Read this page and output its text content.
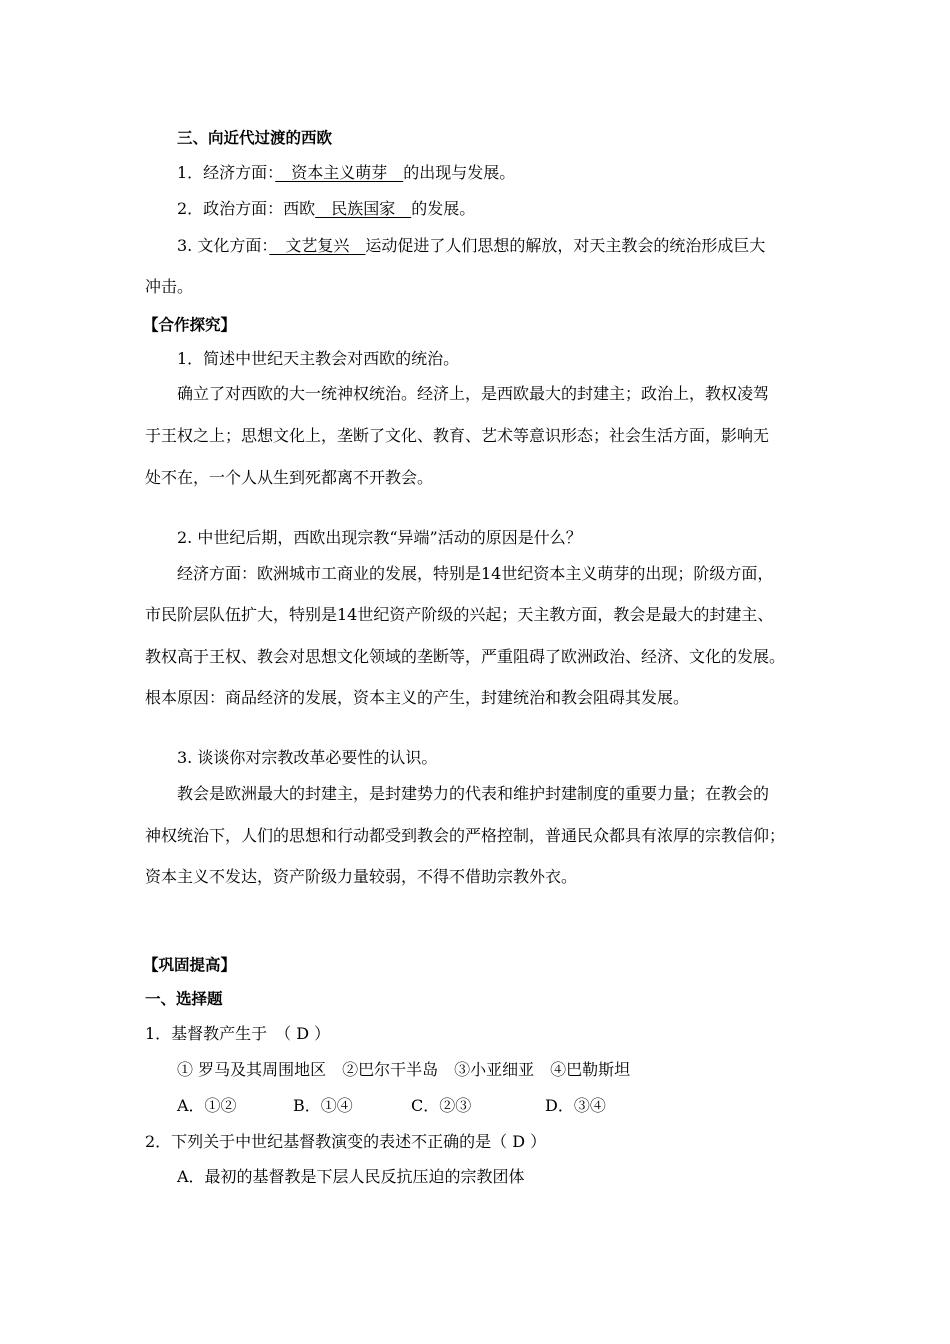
三、向近代过渡的西欧
1．经济方面：　资本主义萌芽　的出现与发展。
2．政治方面：西欧　民族国家　的发展。
3. 文化方面：　文艺复兴　运动促进了人们思想的解放，对天主教会的统治形成巨大
冲击。
【合作探究】
1．简述中世纪天主教会对西欧的统治。
确立了对西欧的大一统神权统治。经济上，是西欧最大的封建主；政治上，教权凌驾
于王权之上；思想文化上，垄断了文化、教育、艺术等意识形态；社会生活方面，影响无
处不在，一个人从生到死都离不开教会。
2. 中世纪后期，西欧出现宗教“异端”活动的原因是什么？
经济方面：欧洲城市工商业的发展，特别是14世纪资本主义萌芽的出现；阶级方面，
市民阶层队伍扩大，特别是14世纪资产阶级的兴起；天主教方面，教会是最大的封建主、
教权高于王权、教会对思想文化领域的垄断等，严重阻碍了欧洲政治、经济、文化的发展。
根本原因：商品经济的发展，资本主义的产生，封建统治和教会阻碍其发展。
3. 谈谈你对宗教改革必要性的认识。
教会是欧洲最大的封建主，是封建势力的代表和维护封建制度的重要力量；在教会的
神权统治下，人们的思想和行动都受到教会的严格控制，普通民众都具有浓厚的宗教信仰；
资本主义不发达，资产阶级力量较弱，不得不借助宗教外衣。
【巩固提高】
一、选择题
1．基督教产生于　（ D ）
① 罗马及其周围地区　②巴尔干半岛　③小亚细亚　④巴勒斯坦
A．①②	B．①④	C．②③	D．③④
2．下列关于中世纪基督教演变的表述不正确的是（ D ）
A．最初的基督教是下层人民反抗压迫的宗教团体
